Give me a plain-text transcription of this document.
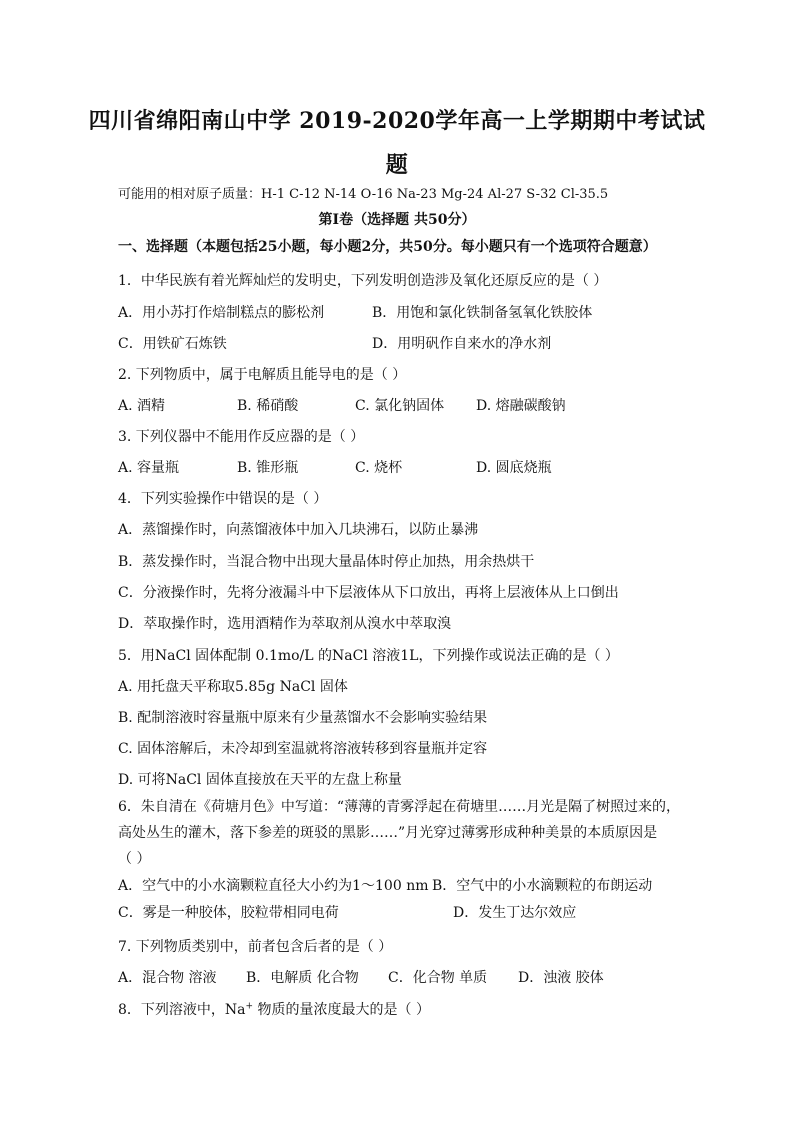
四川省绵阳南山中学 2019-2020学年高一上学期期中考试试
题
可能用的相对原子质量：H-1 C-12 N-14 O-16 Na-23 Mg-24 Al-27 S-32 Cl-35.5
第Ⅰ卷（选择题 共50分）
一、选择题（本题包括25小题，每小题2分，共50分。每小题只有一个选项符合题意）
1．中华民族有着光辉灿烂的发明史，下列发明创造涉及氧化还原反应的是（ ）
A．用小苏打作焙制糕点的膨松剂	B．用饱和氯化铁制备氢氧化铁胶体
C．用铁矿石炼铁	D．用明矾作自来水的净水剂
2. 下列物质中，属于电解质且能导电的是（ ）
A. 酒精	B. 稀硝酸	C. 氯化钠固体 D. 熔融碳酸钠
3. 下列仪器中不能用作反应器的是（ ）
A. 容量瓶	B. 锥形瓶	C. 烧杯	D. 圆底烧瓶
4．下列实验操作中错误的是（ ）
A．蒸馏操作时，向蒸馏液体中加入几块沸石，以防止暴沸
B．蒸发操作时，当混合物中出现大量晶体时停止加热，用余热烘干
C．分液操作时，先将分液漏斗中下层液体从下口放出，再将上层液体从上口倒出
D．萃取操作时，选用酒精作为萃取剂从溴水中萃取溴
5．用NaCl 固体配制 0.1mo/L 的NaCl 溶液1L，下列操作或说法正确的是（ ）
A. 用托盘天平称取5.85g NaCl 固体
B. 配制溶液时容量瓶中原来有少量蒸馏水不会影响实验结果
C. 固体溶解后，未冷却到室温就将溶液转移到容量瓶并定容
D. 可将NaCl 固体直接放在天平的左盘上称量
6．朱自清在《荷塘月色》中写道：“薄薄的青雾浮起在荷塘里……月光是隔了树照过来的，
高处丛生的灌木，落下参差的斑驳的黑影……”月光穿过薄雾形成种种美景的本质原因是
（ ）
A．空气中的小水滴颗粒直径大小约为1～100 nm B．空气中的小水滴颗粒的布朗运动
C．雾是一种胶体，胶粒带相同电荷	D．发生丁达尔效应
7. 下列物质类别中，前者包含后者的是（ ）
A．混合物 溶液 B．电解质 化合物 C．化合物 单质 D．浊液 胶体
8．下列溶液中，Na+ 物质的量浓度最大的是（ ）
